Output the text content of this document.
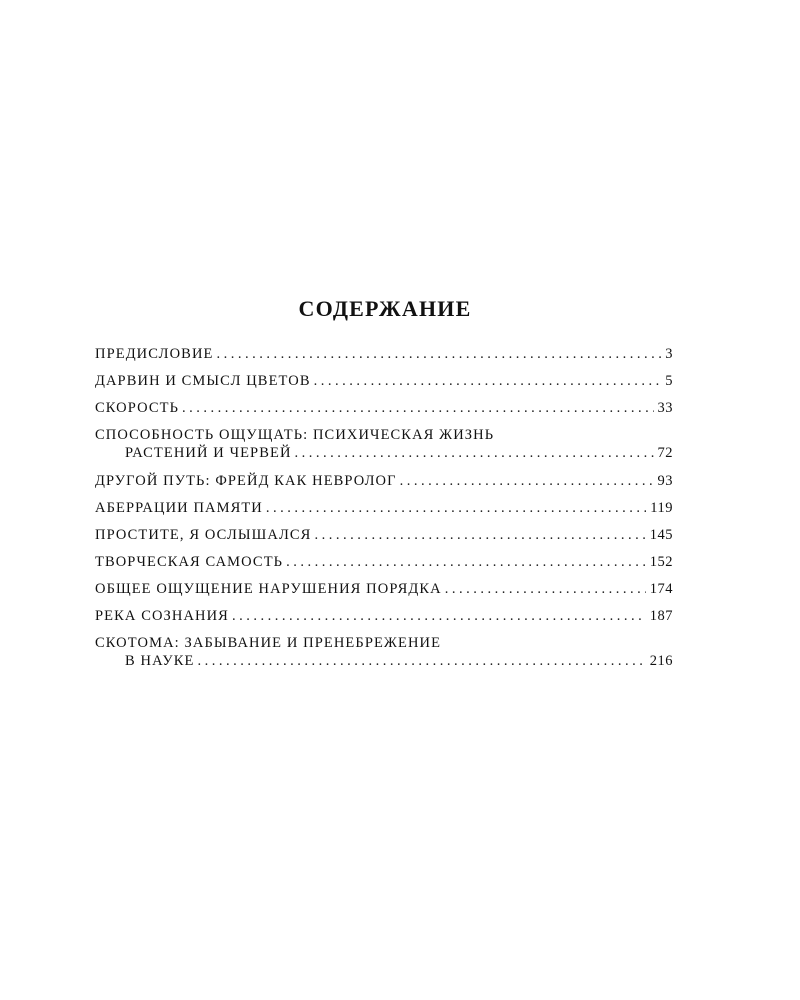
СОДЕРЖАНИЕ
ПРЕДИСЛОВИЕ .....	3
ДАРВИН И СМЫСЛ ЦВЕТОВ .....	5
СКОРОСТЬ .....	33
СПОСОБНОСТЬ ОЩУЩАТЬ: ПСИХИЧЕСКАЯ ЖИЗНЬ
РАСТЕНИЙ И ЧЕРВЕЙ .....	72
ДРУГОЙ ПУТЬ: ФРЕЙД КАК НЕВРОЛОГ .....	93
АБЕРРАЦИИ ПАМЯТИ .....	119
ПРОСТИТЕ, Я ОСЛЫШАЛСЯ .....	145
ТВОРЧЕСКАЯ САМОСТЬ .....	152
ОБЩЕЕ ОЩУЩЕНИЕ НАРУШЕНИЯ ПОРЯДКА .....	174
РЕКА СОЗНАНИЯ .....	187
СКОТОМА: ЗАБЫВАНИЕ И ПРЕНЕБРЕЖЕНИЕ
В НАУКЕ .....	216
